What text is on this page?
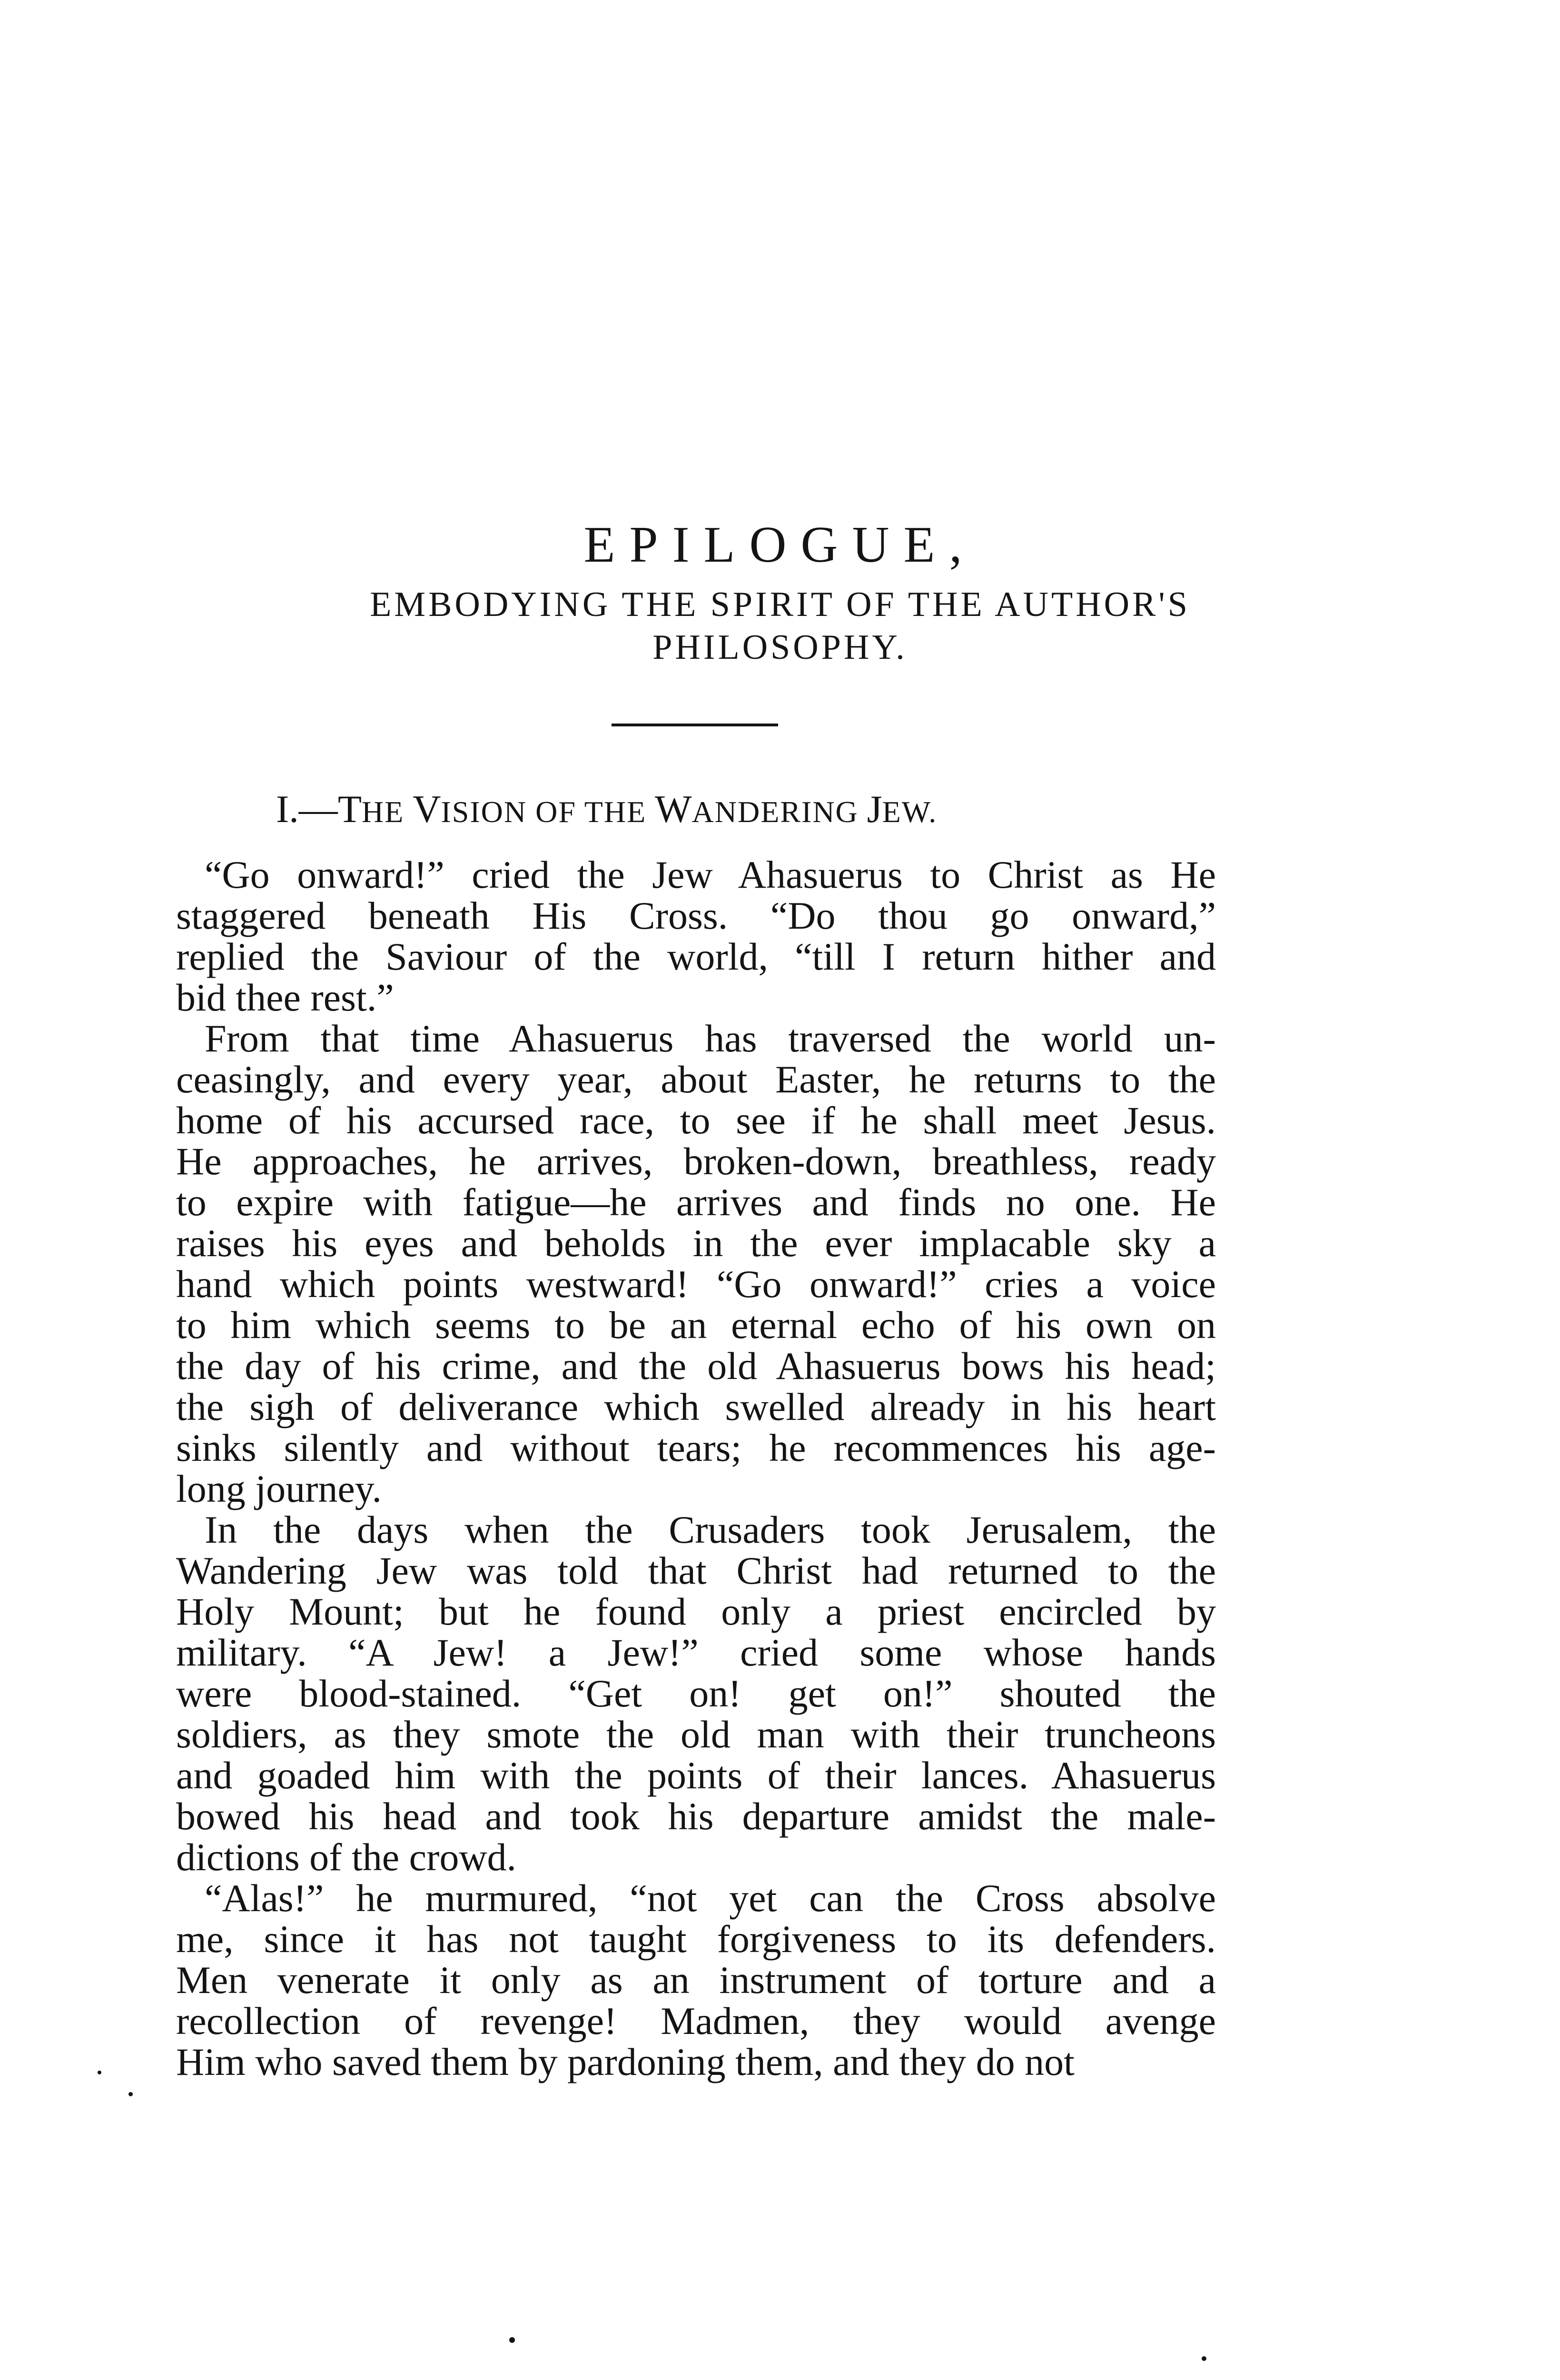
EPILOGUE,
EMBODYING THE SPIRIT OF THE AUTHOR'S
PHILOSOPHY.
I.—THE VISION OF THE WANDERING JEW.
“Go onward!” cried the Jew Ahasuerus to Christ as He
staggered beneath His Cross. “Do thou go onward,”
replied the Saviour of the world, “till I return hither and
bid thee rest.”
From that time Ahasuerus has traversed the world un-
ceasingly, and every year, about Easter, he returns to the
home of his accursed race, to see if he shall meet Jesus.
He approaches, he arrives, broken-down, breathless, ready
to expire with fatigue—he arrives and finds no one. He
raises his eyes and beholds in the ever implacable sky a
hand which points westward! “Go onward!” cries a voice
to him which seems to be an eternal echo of his own on
the day of his crime, and the old Ahasuerus bows his head;
the sigh of deliverance which swelled already in his heart
sinks silently and without tears; he recommences his age-
long journey.
In the days when the Crusaders took Jerusalem, the
Wandering Jew was told that Christ had returned to the
Holy Mount; but he found only a priest encircled by
military. “A Jew! a Jew!” cried some whose hands
were blood-stained. “Get on! get on!” shouted the
soldiers, as they smote the old man with their truncheons
and goaded him with the points of their lances. Ahasuerus
bowed his head and took his departure amidst the male-
dictions of the crowd.
“Alas!” he murmured, “not yet can the Cross absolve
me, since it has not taught forgiveness to its defenders.
Men venerate it only as an instrument of torture and a
recollection of revenge! Madmen, they would avenge
Him who saved them by pardoning them, and they do not
